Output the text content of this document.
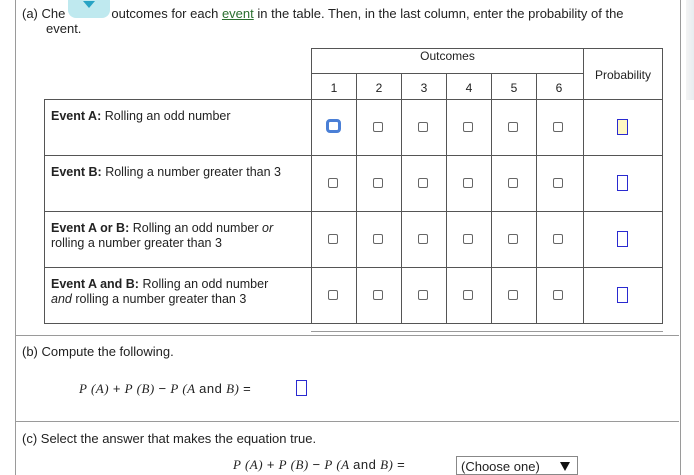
(a) Che	outcomes for each event in the table. Then, in the last column, enter the probability of the
event.
Outcomes
Probability
1	2	3	4	5	6
Event A: Rolling an odd number
Event B: Rolling a number greater than 3
Event A or B: Rolling an odd number or
rolling a number greater than 3
Event A and B: Rolling an odd number
and rolling a number greater than 3
(b) Compute the following.
P (A) + P (B) − P (A and B) =
(c) Select the answer that makes the equation true.
P (A) + P (B) − P (A and B) =	(Choose one)
